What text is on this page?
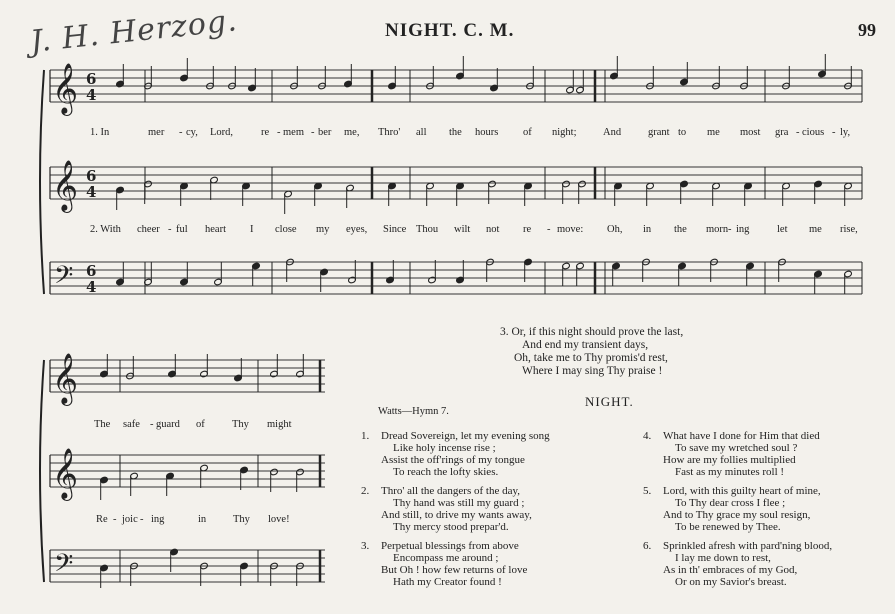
J. H. Herzog.	NIGHT. C. M.	99
𝄞 6
4
𝄞 6
4
𝄢 6
4
𝄞
𝄞
𝄢
1. In	mer - cy, Lord,	re - mem - ber me, Thro' all the hours of night;	And	grant to me most gra - cious - ly,
2. With cheer - ful heart I close my eyes, Since Thou wilt not re - move: Oh, in the morn - ing	let me rise,
The safe - guard of	Thy might
Re - joic - ing	in	Thy love!
3. Or, if this night should prove the last,
And end my transient days,
Oh, take me to Thy promis'd rest,
Where I may sing Thy praise !
NIGHT.
Watts—Hymn 7.
1. Dread Sovereign, let my evening song
Like holy incense rise ;
Assist the off'rings of my tongue
To reach the lofty skies.
2. Thro' all the dangers of the day,
Thy hand was still my guard ;
And still, to drive my wants away,
Thy mercy stood prepar'd.
3. Perpetual blessings from above
Encompass me around ;
But Oh ! how few returns of love
Hath my Creator found !
4. What have I done for Him that died
To save my wretched soul ?
How are my follies multiplied
Fast as my minutes roll !
5. Lord, with this guilty heart of mine,
To Thy dear cross I flee ;
And to Thy grace my soul resign,
To be renewed by Thee.
6. Sprinkled afresh with pard'ning blood,
I lay me down to rest,
As in th' embraces of my God,
Or on my Savior's breast.
